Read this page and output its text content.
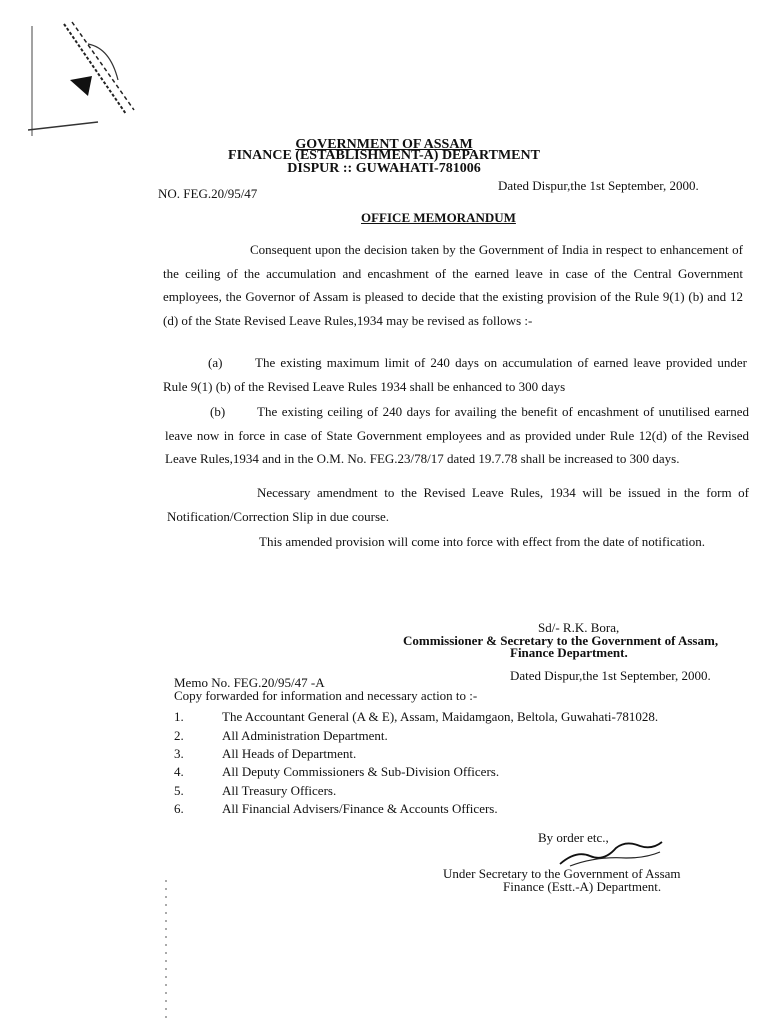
GOVERNMENT OF ASSAM
FINANCE (ESTABLISHMENT-A) DEPARTMENT
DISPUR :: GUWAHATI-781006
NO. FEG.20/95/47
Dated Dispur,the 1st September, 2000.
OFFICE MEMORANDUM
Consequent upon the decision taken by the Government of India in respect to enhancement of the ceiling of the accumulation and encashment of the earned leave in case of the Central Government employees, the Governor of Assam is pleased to decide that the existing provision of the Rule 9(1) (b) and 12 (d) of the State Revised Leave Rules,1934 may be revised as follows :-
(a)	The existing maximum limit of 240 days on accumulation of earned leave provided under Rule 9(1) (b) of the Revised Leave Rules 1934 shall be enhanced to 300 days
(b) The existing ceiling of 240 days for availing the benefit of encashment of unutilised earned leave now in force in case of State Government employees and as provided under Rule 12(d) of the Revised Leave Rules,1934 and in the O.M. No. FEG.23/78/17 dated 19.7.78 shall be increased to 300 days.
Necessary amendment to the Revised Leave Rules, 1934 will be issued in the form of Notification/Correction Slip in due course.
This amended provision will come into force with effect from the date of notification.
Sd/- R.K. Bora,
Commissioner & Secretary to the Government of Assam,
Finance Department.
Memo No. FEG.20/95/47 -A	Dated Dispur,the 1st September, 2000.
Copy forwarded for information and necessary action to :-
1.	The Accountant General (A & E), Assam, Maidamgaon, Beltola, Guwahati-781028.
2.	All Administration Department.
3.	All Heads of Department.
4.	All Deputy Commissioners & Sub-Division Officers.
5.	All Treasury Officers.
6.	All Financial Advisers/Finance & Accounts Officers.
By order etc.,
Under Secretary to the Government of Assam
Finance (Estt.-A) Department.
